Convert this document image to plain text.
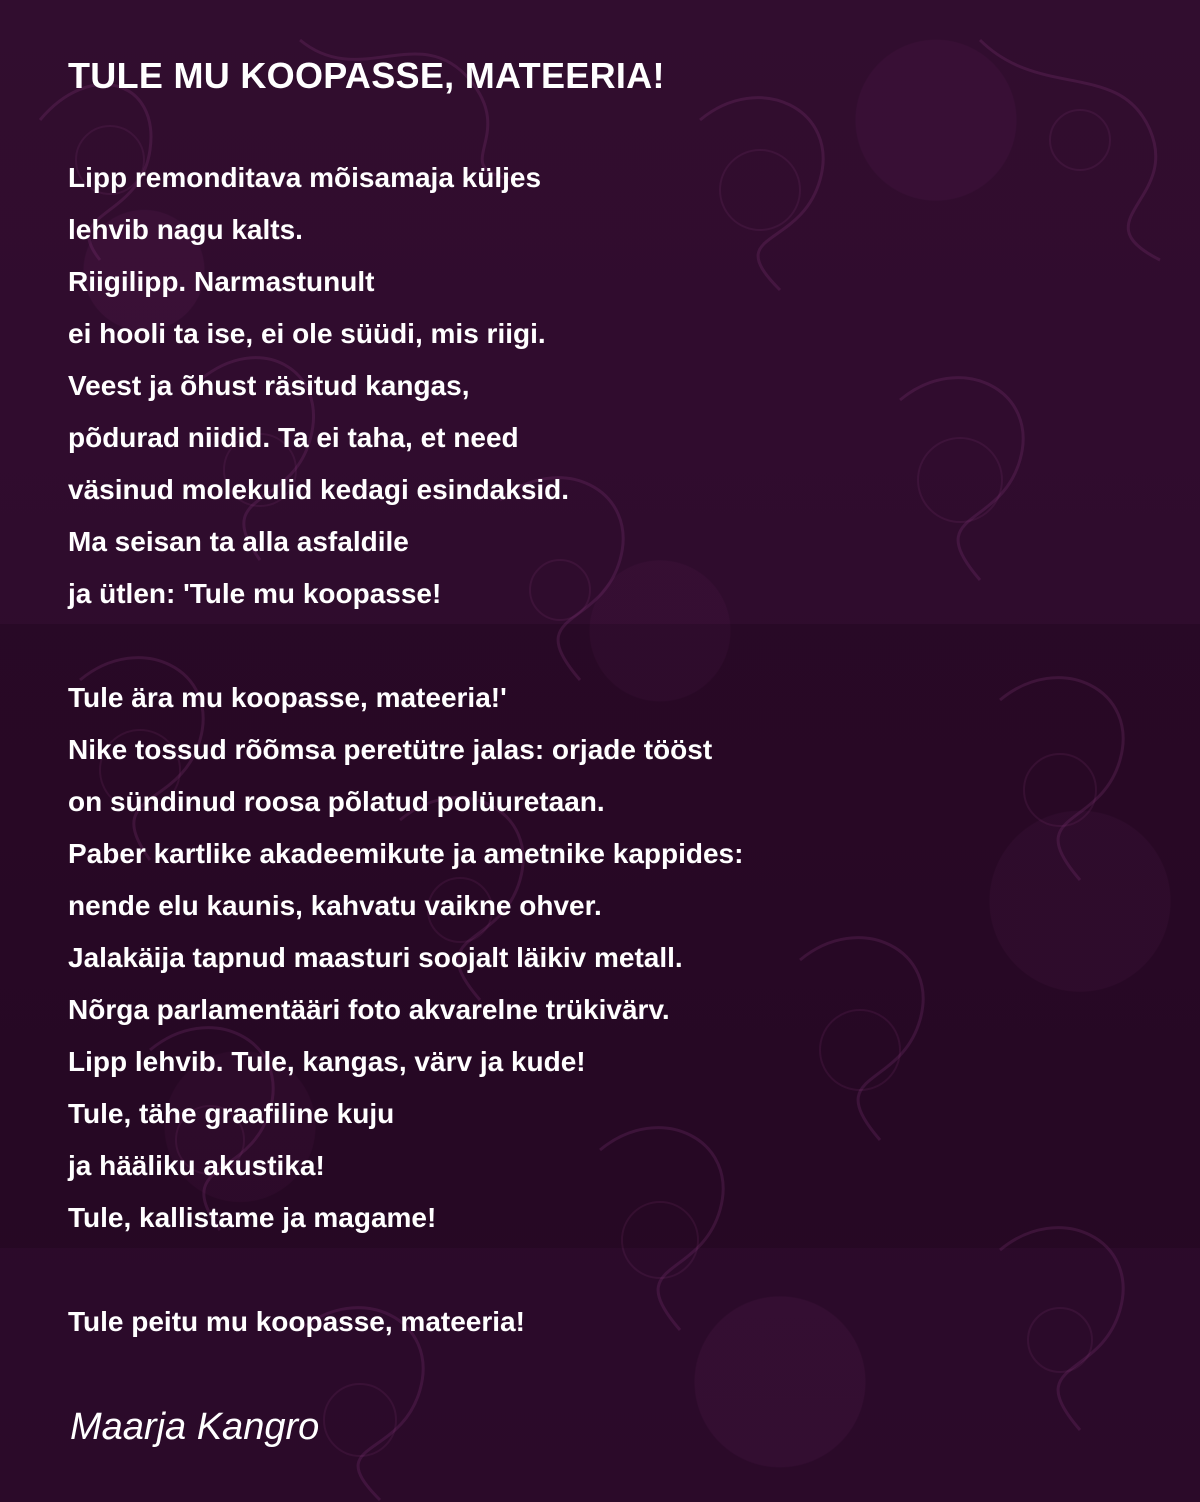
TULE MU KOOPASSE, MATEERIA!
Lipp remonditava mõisamaja küljes
lehvib nagu kalts.
Riigilipp. Narmastunult
ei hooli ta ise, ei ole süüdi, mis riigi.
Veest ja õhust räsitud kangas,
põdurad niidid. Ta ei taha, et need
väsinud molekulid kedagi esindaksid.
Ma seisan ta alla asfaldile
ja ütlen: 'Tule mu koopasse!
Tule ära mu koopasse, mateeria!'
Nike tossud rõõmsa peretütre jalas: orjade tööst
on sündinud roosa põlatud polüuretaan.
Paber kartlike akadeemikute ja ametnike kappides:
nende elu kaunis, kahvatu vaikne ohver.
Jalakäija tapnud maasturi soojalt läikiv metall.
Nõrga parlamentääri foto akvarelne trükivärv.
Lipp lehvib. Tule, kangas, värv ja kude!
Tule, tähe graafiline kuju
ja hääliku akustika!
Tule, kallistame ja magame!
Tule peitu mu koopasse, mateeria!
Maarja Kangro
